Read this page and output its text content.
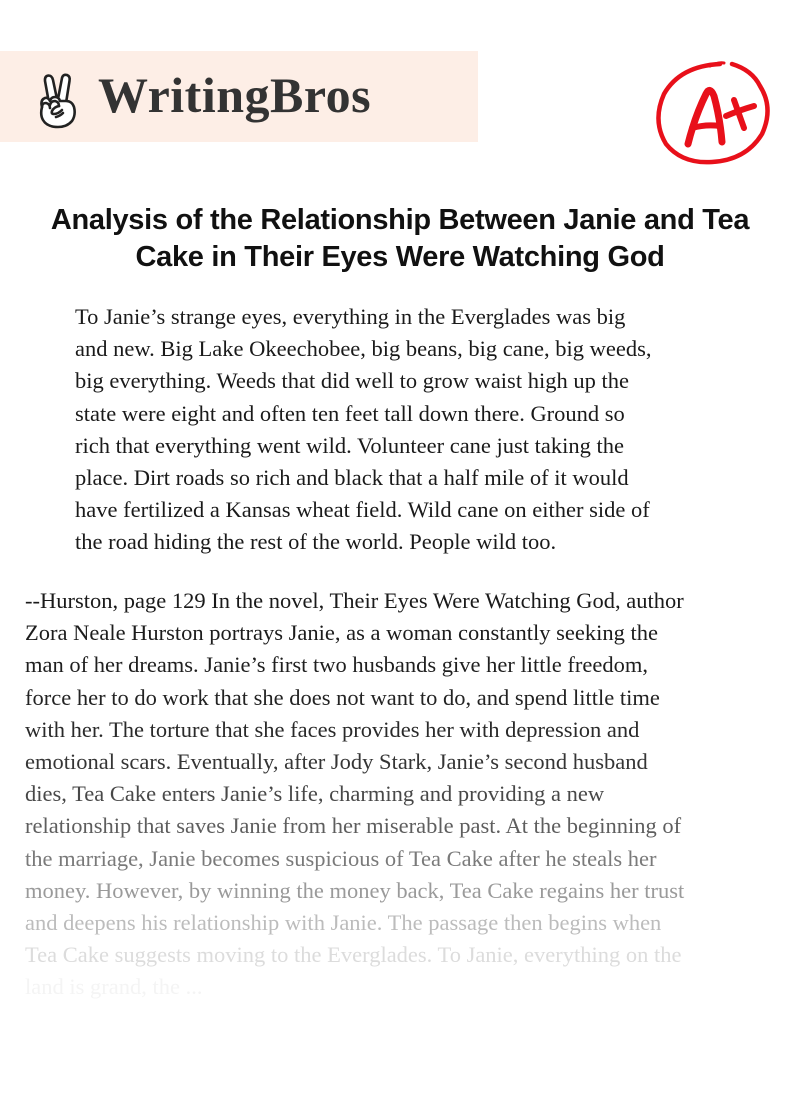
WritingBros
Analysis of the Relationship Between Janie and Tea
Cake in Their Eyes Were Watching God
To Janie’s strange eyes, everything in the Everglades was big
and new. Big Lake Okeechobee, big beans, big cane, big weeds,
big everything. Weeds that did well to grow waist high up the
state were eight and often ten feet tall down there. Ground so
rich that everything went wild. Volunteer cane just taking the
place. Dirt roads so rich and black that a half mile of it would
have fertilized a Kansas wheat field. Wild cane on either side of
the road hiding the rest of the world. People wild too.
--Hurston, page 129 In the novel, Their Eyes Were Watching God, author
Zora Neale Hurston portrays Janie, as a woman constantly seeking the
man of her dreams. Janie’s first two husbands give her little freedom,
force her to do work that she does not want to do, and spend little time
with her. The torture that she faces provides her with depression and
emotional scars. Eventually, after Jody Stark, Janie’s second husband
dies, Tea Cake enters Janie’s life, charming and providing a new
relationship that saves Janie from her miserable past. At the beginning of
the marriage, Janie becomes suspicious of Tea Cake after he steals her
money. However, by winning the money back, Tea Cake regains her trust
and deepens his relationship with Janie. The passage then begins when
Tea Cake suggests moving to the Everglades. To Janie, everything on the
land is grand, the ...
